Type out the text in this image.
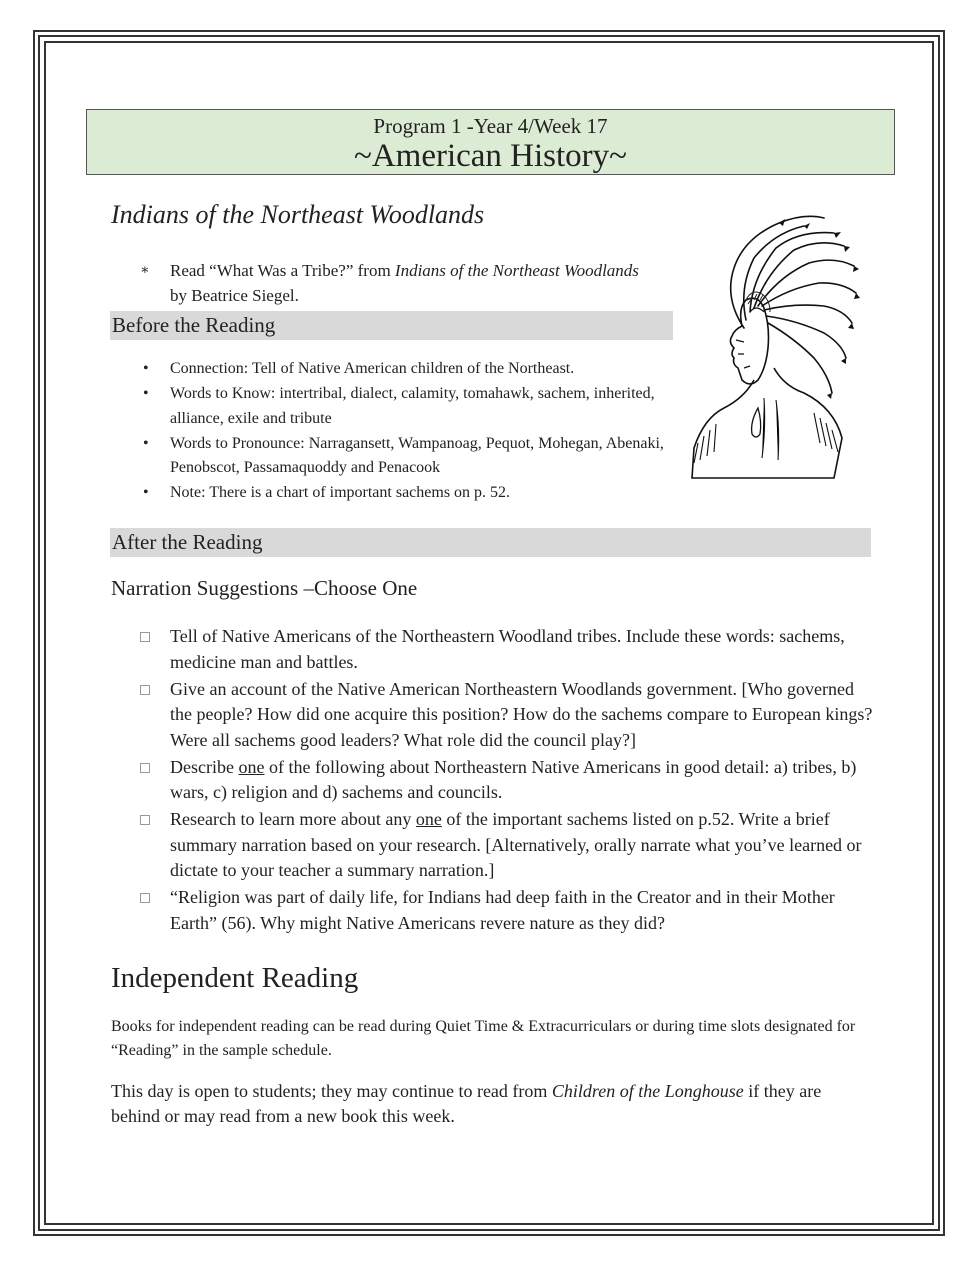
Program 1 -Year 4/Week 17
~American History~
Indians of the Northeast Woodlands
∗ Read “What Was a Tribe?” from Indians of the Northeast Woodlands
by Beatrice Siegel.
Before the Reading
• Connection: Tell of Native American children of the Northeast.
• Words to Know: intertribal, dialect, calamity, tomahawk, sachem, inherited, alliance, exile and tribute
• Words to Pronounce: Narragansett, Wampanoag, Pequot, Mohegan, Abenaki, Penobscot, Passamaquoddy and Penacook
• Note: There is a chart of important sachems on p. 52.
After the Reading
Narration Suggestions –Choose One
Tell of Native Americans of the Northeastern Woodland tribes. Include these words: sachems, medicine man and battles.
Give an account of the Native American Northeastern Woodlands government. [Who governed the people? How did one acquire this position? How do the sachems compare to European kings? Were all sachems good leaders? What role did the council play?]
Describe one of the following about Northeastern Native Americans in good detail: a) tribes, b) wars, c) religion and d) sachems and councils.
Research to learn more about any one of the important sachems listed on p.52. Write a brief summary narration based on your research. [Alternatively, orally narrate what you’ve learned or dictate to your teacher a summary narration.]
“Religion was part of daily life, for Indians had deep faith in the Creator and in their Mother Earth” (56). Why might Native Americans revere nature as they did?
Independent Reading
Books for independent reading can be read during Quiet Time & Extracurriculars or during time slots designated for “Reading” in the sample schedule.
This day is open to students; they may continue to read from Children of the Longhouse if they are behind or may read from a new book this week.
